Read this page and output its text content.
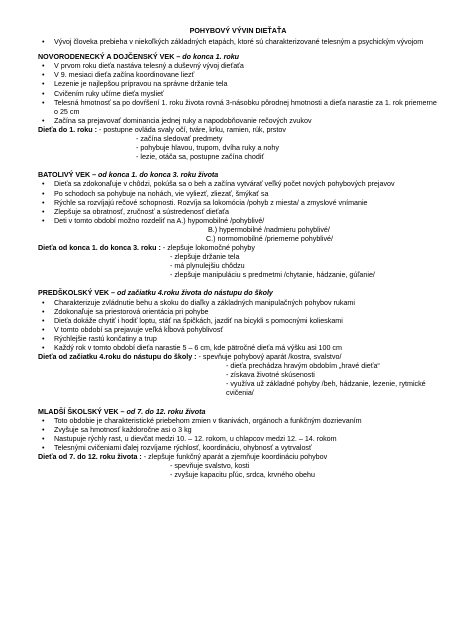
POHYBOVÝ VÝVIN DIEŤAŤA
• Vývoj človeka prebieha v niekoľkých základných etapách, ktoré sú charakterizované telesným a psychickým vývojom
NOVORODENECKÝ A DOJČENSKÝ VEK – do konca 1. roku
• V prvom roku dieťa nastáva telesný a duševný vývoj dieťaťa
• V 9. mesiaci dieťa začína koordinovane liezť
• Lezenie je najlepšou prípravou na správne držanie tela
• Cvičením ruky učíme dieťa myslieť
• Telesná hmotnosť sa po dovŕšení 1. roku života rovná 3-násobku pôrodnej hmotnosti a dieťa narastie za 1. rok priemerne o 25 cm
• Začína sa prejavovať dominancia jednej ruky a napodobňovanie rečových zvukov
Dieťa do 1. roku : - postupne ovláda svaly očí, tváre, krku, ramien, rúk, prstov
- začína sledovať predmety
- pohybuje hlavou, trupom, dvíha ruky a nohy
- lezie, otáča sa, postupne začína chodiť
BATOLIVÝ VEK – od konca 1. do konca 3. roku života
• Dieťa sa zdokonaľuje v chôdzi, pokúša sa o beh a začína vytvárať veľký počet nových pohybových prejavov
• Po schodoch sa pohybuje na nohách, vie vyliezť, zliezať, šmýkať sa
• Rýchle sa rozvíjajú rečové schopnosti. Rozvíja sa lokomócia /pohyb z miesta/ a zmyslové vnímanie
• Zlepšuje sa obratnosť, zručnosť a sústredenosť dieťaťa
• Deti v tomto období možno rozdeliť na A.) hypomobilné /pohyblivé/
B.) hypermobilné /nadmieru pohyblivé/
C.) normomobilné /priemerne pohyblivé/
Dieťa od konca 1. do konca 3. roku : - zlepšuje lokomočné pohyby
- zlepšuje držanie tela
- má plynulejšiu chôdzu
- zlepšuje manipuláciu s predmetmi /chytanie, hádzanie, gúľanie/
PREDŠKOLSKÝ VEK – od začiatku 4.roku života do nástupu do školy
• Charakterizuje zvládnutie behu a skoku do diaľky a základných manipulačných pohybov rukami
• Zdokonaľuje sa priestorová orientácia pri pohybe
• Dieťa dokáže chytiť i hodiť loptu, stáť na špičkách, jazdiť na bicykli s pomocnými kolieskami
• V tomto období sa prejavuje veľká kĺbová pohyblivosť
• Rýchlejšie rastú končatiny a trup
• Každý rok v tomto období dieťa narastie 5 – 6 cm, kde pätročné dieťa má výšku asi 100 cm
Dieťa od začiatku 4.roku do nástupu do školy : - spevňuje pohybový aparát /kostra, svalstvo/
- dieťa prechádza hravým obdobím „hravé dieťa“
- získava životné skúsenosti
- využíva už základné pohyby /beh, hádzanie, lezenie, rytmické cvičenia/
MLADŠÍ ŠKOLSKÝ VEK – od 7. do 12. roku života
• Toto obdobie je charakteristické priebehom zmien v tkanivách, orgánoch a funkčným dozrievaním
• Zvyšuje sa hmotnosť každoročne asi o 3 kg
• Nastupuje rýchly rast, u dievčat medzi 10. – 12. rokom, u chlapcov medzi 12. – 14. rokom
• Telesnými cvičeniami ďalej rozvíjame rýchlosť, koordináciu, ohybnosť a vytrvalosť
Dieťa od 7. do 12. roku života : - zlepšuje funkčný aparát a zjemňuje koordináciu pohybov
- spevňuje svalstvo, kosti
- zvyšuje kapacitu pľúc, srdca, krvného obehu
